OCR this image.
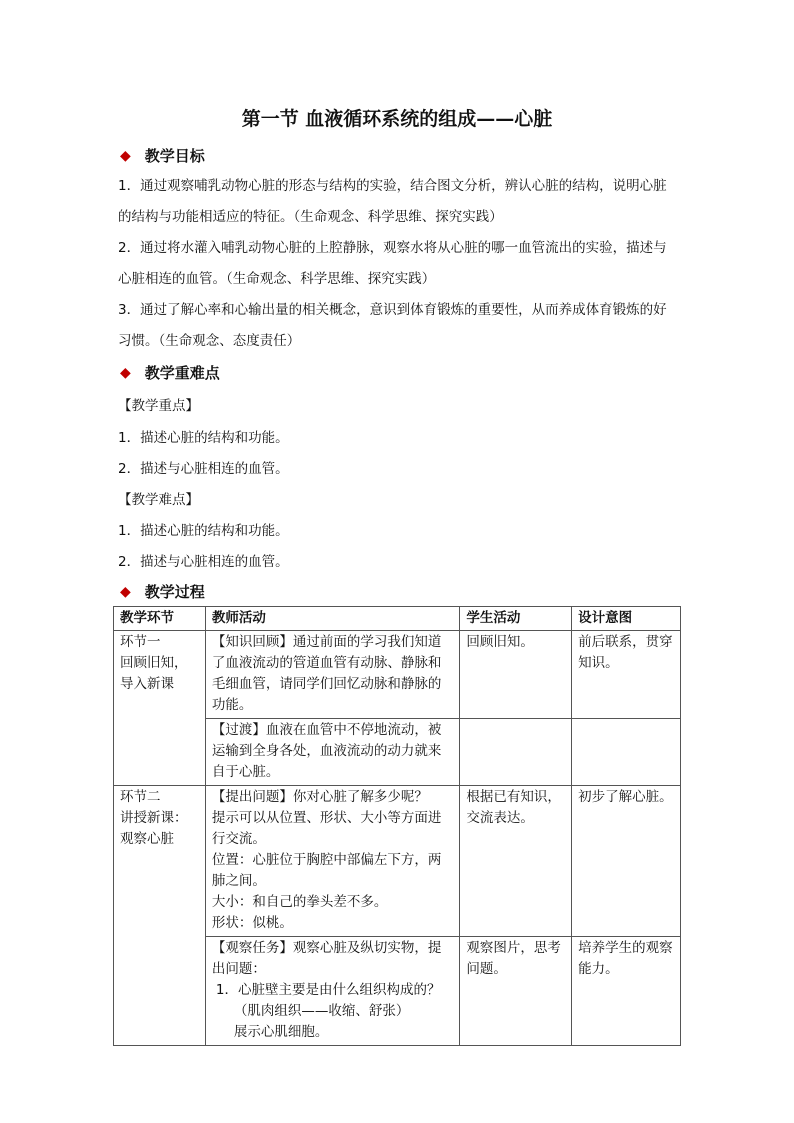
第一节 血液循环系统的组成——心脏
◆ 教学目标
1．通过观察哺乳动物心脏的形态与结构的实验，结合图文分析，辨认心脏的结构，说明心脏的结构与功能相适应的特征。（生命观念、科学思维、探究实践）
2．通过将水灌入哺乳动物心脏的上腔静脉，观察水将从心脏的哪一血管流出的实验，描述与心脏相连的血管。（生命观念、科学思维、探究实践）
3．通过了解心率和心输出量的相关概念，意识到体育锻炼的重要性，从而养成体育锻炼的好习惯。（生命观念、态度责任）
◆ 教学重难点
【教学重点】
1．描述心脏的结构和功能。
2．描述与心脏相连的血管。
【教学难点】
1．描述心脏的结构和功能。
2．描述与心脏相连的血管。
◆ 教学过程
教学环节	教师活动	学生活动	设计意图
环节一
回顾旧知，
导入新课	【知识回顾】通过前面的学习我们知道了血液流动的管道血管有动脉、静脉和毛细血管，请同学们回忆动脉和静脉的功能。	回顾旧知。	前后联系，贯穿知识。
	【过渡】血液在血管中不停地流动，被运输到全身各处，血液流动的动力就来自于心脏。		
环节二
讲授新课：
观察心脏	【提出问题】你对心脏了解多少呢？
提示可以从位置、形状、大小等方面进行交流。
位置：心脏位于胸腔中部偏左下方，两肺之间。
大小：和自己的拳头差不多。
形状：似桃。	根据已有知识，交流表达。	初步了解心脏。

	【观察任务】观察心脏及纵切实物，提出问题：
1．心脏壁主要是由什么组织构成的？
（肌肉组织——收缩、舒张）
展示心肌细胞。	观察图片，思考问题。	培养学生的观察能力。
